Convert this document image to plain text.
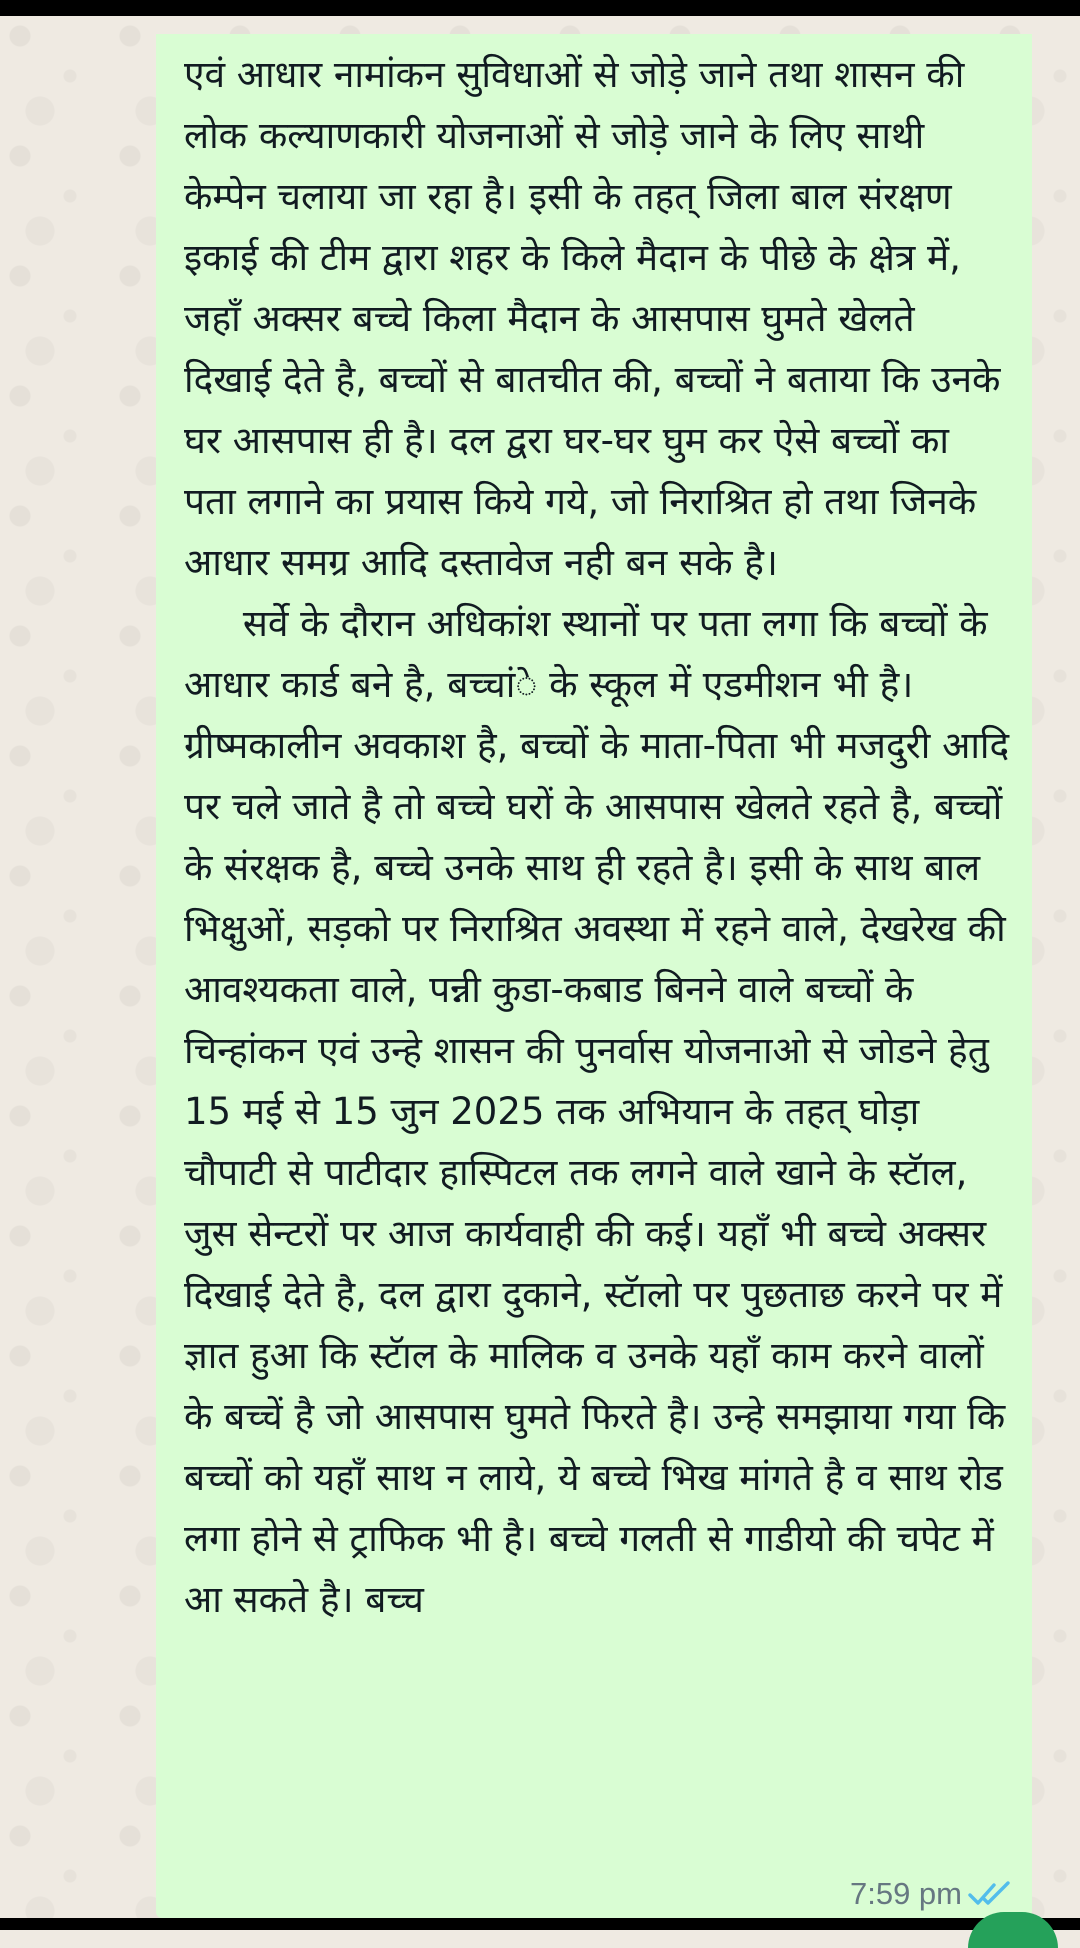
एवं आधार नामांकन सुविधाओं से जोड़े जाने तथा शासन की लोक कल्याणकारी योजनाओं से जोड़े जाने के लिए साथी केम्पेन चलाया जा रहा है। इसी के तहत् जिला बाल संरक्षण इकाई की टीम द्वारा शहर के किले मैदान के पीछे के क्षेत्र में, जहाँ अक्सर बच्चे किला मैदान के आसपास घुमते खेलते दिखाई देते है, बच्चों से बातचीत की, बच्चों ने बताया कि उनके घर आसपास ही है। दल द्वरा घर-घर घुम कर ऐसे बच्चों का पता लगाने का प्रयास किये गये, जो निराश्रित हो तथा जिनके आधार समग्र आदि दस्तावेज नही बन सके है।
सर्वे के दौरान अधिकांश स्थानों पर पता लगा कि बच्चों के आधार कार्ड बने है, बच्चांे के स्कूल में एडमीशन भी है। ग्रीष्मकालीन अवकाश है, बच्चों के माता-पिता भी मजदुरी आदि पर चले जाते है तो बच्चे घरों के आसपास खेलते रहते है, बच्चों के संरक्षक है, बच्चे उनके साथ ही रहते है। इसी के साथ बाल भिक्षुओं, सड़को पर निराश्रित अवस्था में रहने वाले, देखरेख की आवश्यकता वाले, पन्नी कुडा-कबाड बिनने वाले बच्चों के चिन्हांकन एवं उन्हे शासन की पुनर्वास योजनाओ से जोडने हेतु 15 मई से 15 जुन 2025 तक अभियान के तहत् घोड़ा चौपाटी से पाटीदार हास्पिटल तक लगने वाले खाने के स्टॅाल, जुस सेन्टरों पर आज कार्यवाही की कई। यहाँ भी बच्चे अक्सर दिखाई देते है, दल द्वारा दुकाने, स्टॅालो पर पुछताछ करने पर में ज्ञात हुआ कि स्टॅाल के मालिक व उनके यहाँ काम करने वालों के बच्चें है जो आसपास घुमते फिरते है। उन्हे समझाया गया कि बच्चों को यहाँ साथ न लाये, ये बच्चे भिख मांगते है व साथ रोड लगा होने से ट्राफिक भी है। बच्चे गलती से गाडीयो की चपेट में आ सकते है। बच्च

7:59 pm
